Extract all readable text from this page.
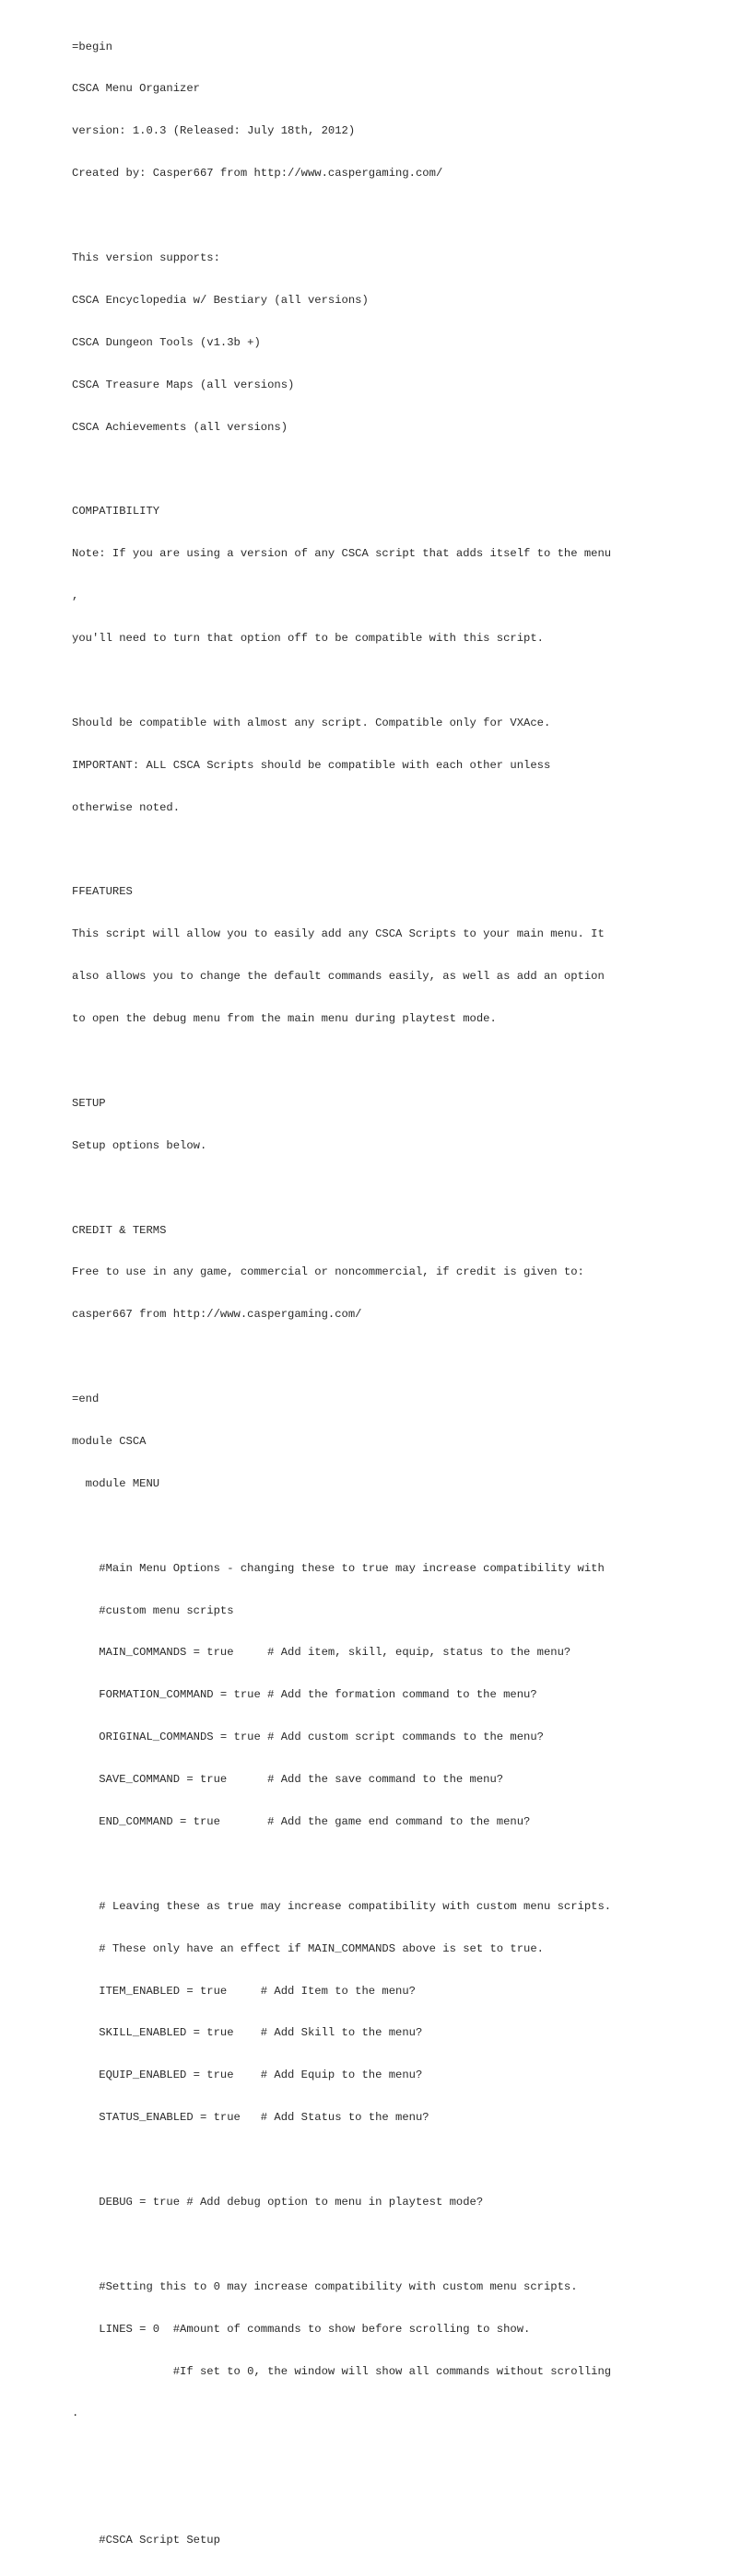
=begin

CSCA Menu Organizer

version: 1.0.3 (Released: July 18th, 2012)

Created by: Casper667 from http://www.caspergaming.com/

This version supports:

CSCA Encyclopedia w/ Bestiary (all versions)

CSCA Dungeon Tools (v1.3b +)

CSCA Treasure Maps (all versions)

CSCA Achievements (all versions)

COMPATIBILITY

Note: If you are using a version of any CSCA script that adds itself to the menu

,

you'll need to turn that option off to be compatible with this script.

Should be compatible with almost any script. Compatible only for VXAce.

IMPORTANT: ALL CSCA Scripts should be compatible with each other unless

otherwise noted.

FFEATURES

This script will allow you to easily add any CSCA Scripts to your main menu. It

also allows you to change the default commands easily, as well as add an option

to open the debug menu from the main menu during playtest mode.

SETUP

Setup options below.

CREDIT & TERMS

Free to use in any game, commercial or noncommercial, if credit is given to:

casper667 from http://www.caspergaming.com/

=end

module CSCA

module MENU

#Main Menu Options - changing these to true may increase compatibility with

#custom menu scripts

MAIN_COMMANDS = true     # Add item, skill, equip, status to the menu?

FORMATION_COMMAND = true # Add the formation command to the menu?

ORIGINAL_COMMANDS = true # Add custom script commands to the menu?

SAVE_COMMAND = true      # Add the save command to the menu?

END_COMMAND = true       # Add the game end command to the menu?

# Leaving these as true may increase compatibility with custom menu scripts.

# These only have an effect if MAIN_COMMANDS above is set to true.

ITEM_ENABLED = true     # Add Item to the menu?

SKILL_ENABLED = true    # Add Skill to the menu?

EQUIP_ENABLED = true    # Add Equip to the menu?

STATUS_ENABLED = true   # Add Status to the menu?

DEBUG = true # Add debug option to menu in playtest mode?

#Setting this to 0 may increase compatibility with custom menu scripts.

LINES = 0  #Amount of commands to show before scrolling to show.

#If set to 0, the window will show all commands without scrolling

.

#CSCA Script Setup
